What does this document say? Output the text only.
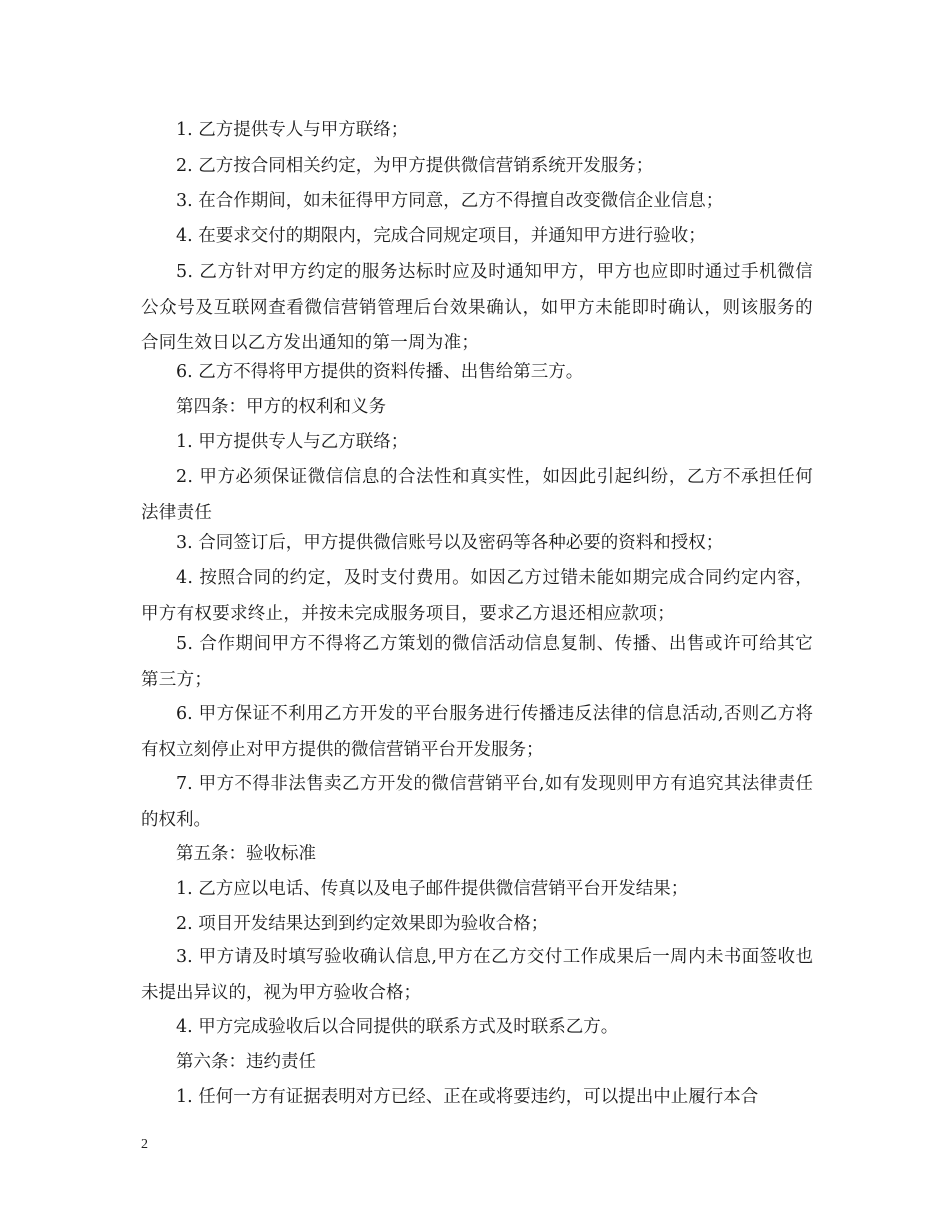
1. 乙方提供专人与甲方联络；

2. 乙方按合同相关约定，为甲方提供微信营销系统开发服务；

3. 在合作期间，如未征得甲方同意，乙方不得擅自改变微信企业信息；

4. 在要求交付的期限内，完成合同规定项目，并通知甲方进行验收；

5. 乙方针对甲方约定的服务达标时应及时通知甲方，甲方也应即时通过手机微信公众号及互联网查看微信营销管理后台效果确认，如甲方未能即时确认，则该服务的合同生效日以乙方发出通知的第一周为准；

6. 乙方不得将甲方提供的资料传播、出售给第三方。

第四条：甲方的权利和义务

1. 甲方提供专人与乙方联络；

2. 甲方必须保证微信信息的合法性和真实性，如因此引起纠纷，乙方不承担任何法律责任

3. 合同签订后，甲方提供微信账号以及密码等各种必要的资料和授权；

4. 按照合同的约定，及时支付费用。如因乙方过错未能如期完成合同约定内容，甲方有权要求终止，并按未完成服务项目，要求乙方退还相应款项；

5. 合作期间甲方不得将乙方策划的微信活动信息复制、传播、出售或许可给其它第三方；

6. 甲方保证不利用乙方开发的平台服务进行传播违反法律的信息活动,否则乙方将有权立刻停止对甲方提供的微信营销平台开发服务；

7. 甲方不得非法售卖乙方开发的微信营销平台,如有发现则甲方有追究其法律责任的权利。

第五条：验收标准

1. 乙方应以电话、传真以及电子邮件提供微信营销平台开发结果；

2. 项目开发结果达到到约定效果即为验收合格；

3. 甲方请及时填写验收确认信息,甲方在乙方交付工作成果后一周内未书面签收也未提出异议的，视为甲方验收合格；

4. 甲方完成验收后以合同提供的联系方式及时联系乙方。

第六条：违约责任

1. 任何一方有证据表明对方已经、正在或将要违约，可以提出中止履行本合

2
